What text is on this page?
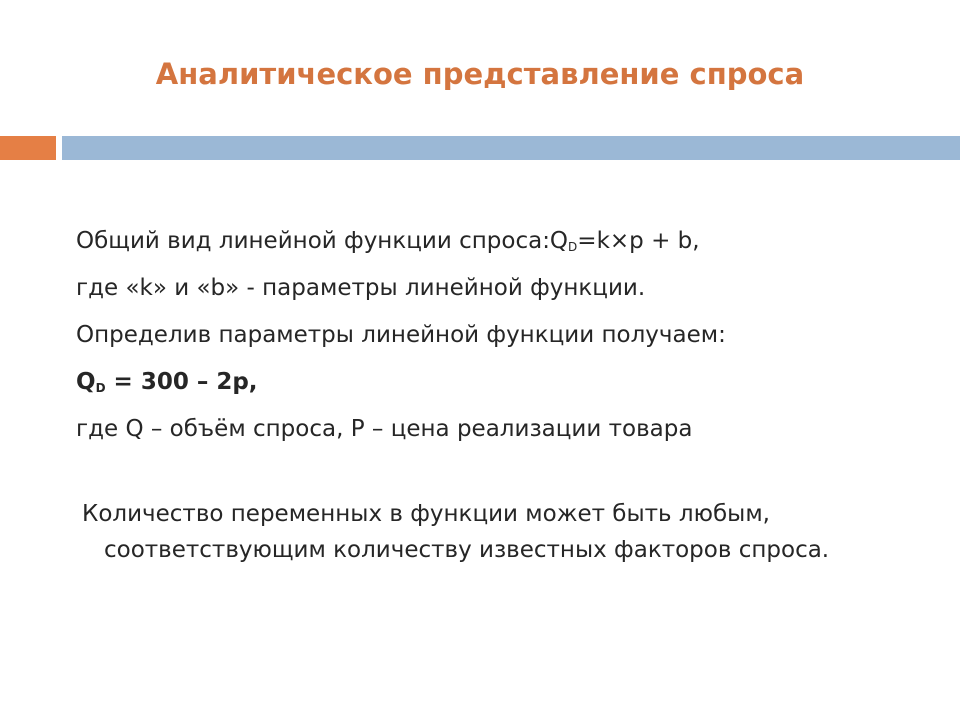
Аналитическое представление спроса
Общий вид линейной функции $спроса:Q_D=k\times p + b$,
где «k» и «b» - параметры линейной функции.
Определив параметры линейной функции получаем:
$Q_D = 300 - 2p$,
где Q – объём спроса, P – цена реализации товара
Количество переменных в функции может быть любым, соответствующим количеству известных факторов спроса.
